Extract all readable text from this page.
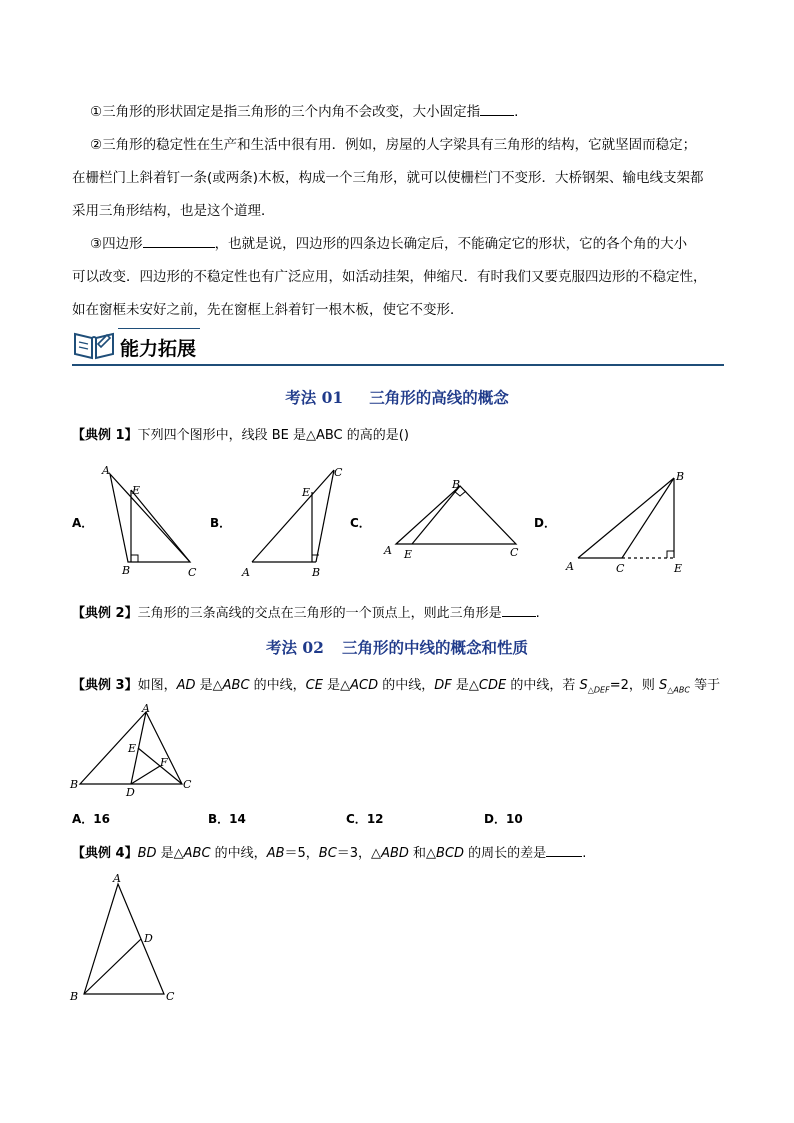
①三角形的形状固定是指三角形的三个内角不会改变，大小固定指	.
②三角形的稳定性在生产和生活中很有用．例如，房屋的人字梁具有三角形的结构，它就坚固而稳定；
在栅栏门上斜着钉一条(或两条)木板，构成一个三角形，就可以使栅栏门不变形．大桥钢架、输电线支架都
采用三角形结构，也是这个道理．
③四边形	，也就是说，四边形的四条边长确定后，不能确定它的形状，它的各个角的大小
可以改变．四边形的不稳定性也有广泛应用，如活动挂架，伸缩尺．有时我们又要克服四边形的不稳定性，
如在窗框未安好之前，先在窗框上斜着钉一根木板，使它不变形．
能力拓展
考法 01 三角形的高线的概念
【典例 1】下列四个图形中，线段 BE 是△ABC 的高的是()
A．
A
E
B	C
B．
A
E
B
C
C．
A E
B
C
D．
A	C
B
E
【典例 2】三角形的三条高线的交点在三角形的一个顶点上，则此三角形是	.
考法 02 三角形的中线的概念和性质
【典例 3】如图，AD 是△ABC 的中线，CE 是△ACD 的中线，DF 是△CDE 的中线，若 $S_{\triangle DEF}=2$，则 $S_{\triangle ABC}$ 等于
A
E
F
B
D
C
A．16	B．14	C．12	D．10
【典例 4】BD 是△ABC 的中线，AB＝5，BC＝3，△ABD 和△BCD 的周长的差是	.
A
D
B	C
